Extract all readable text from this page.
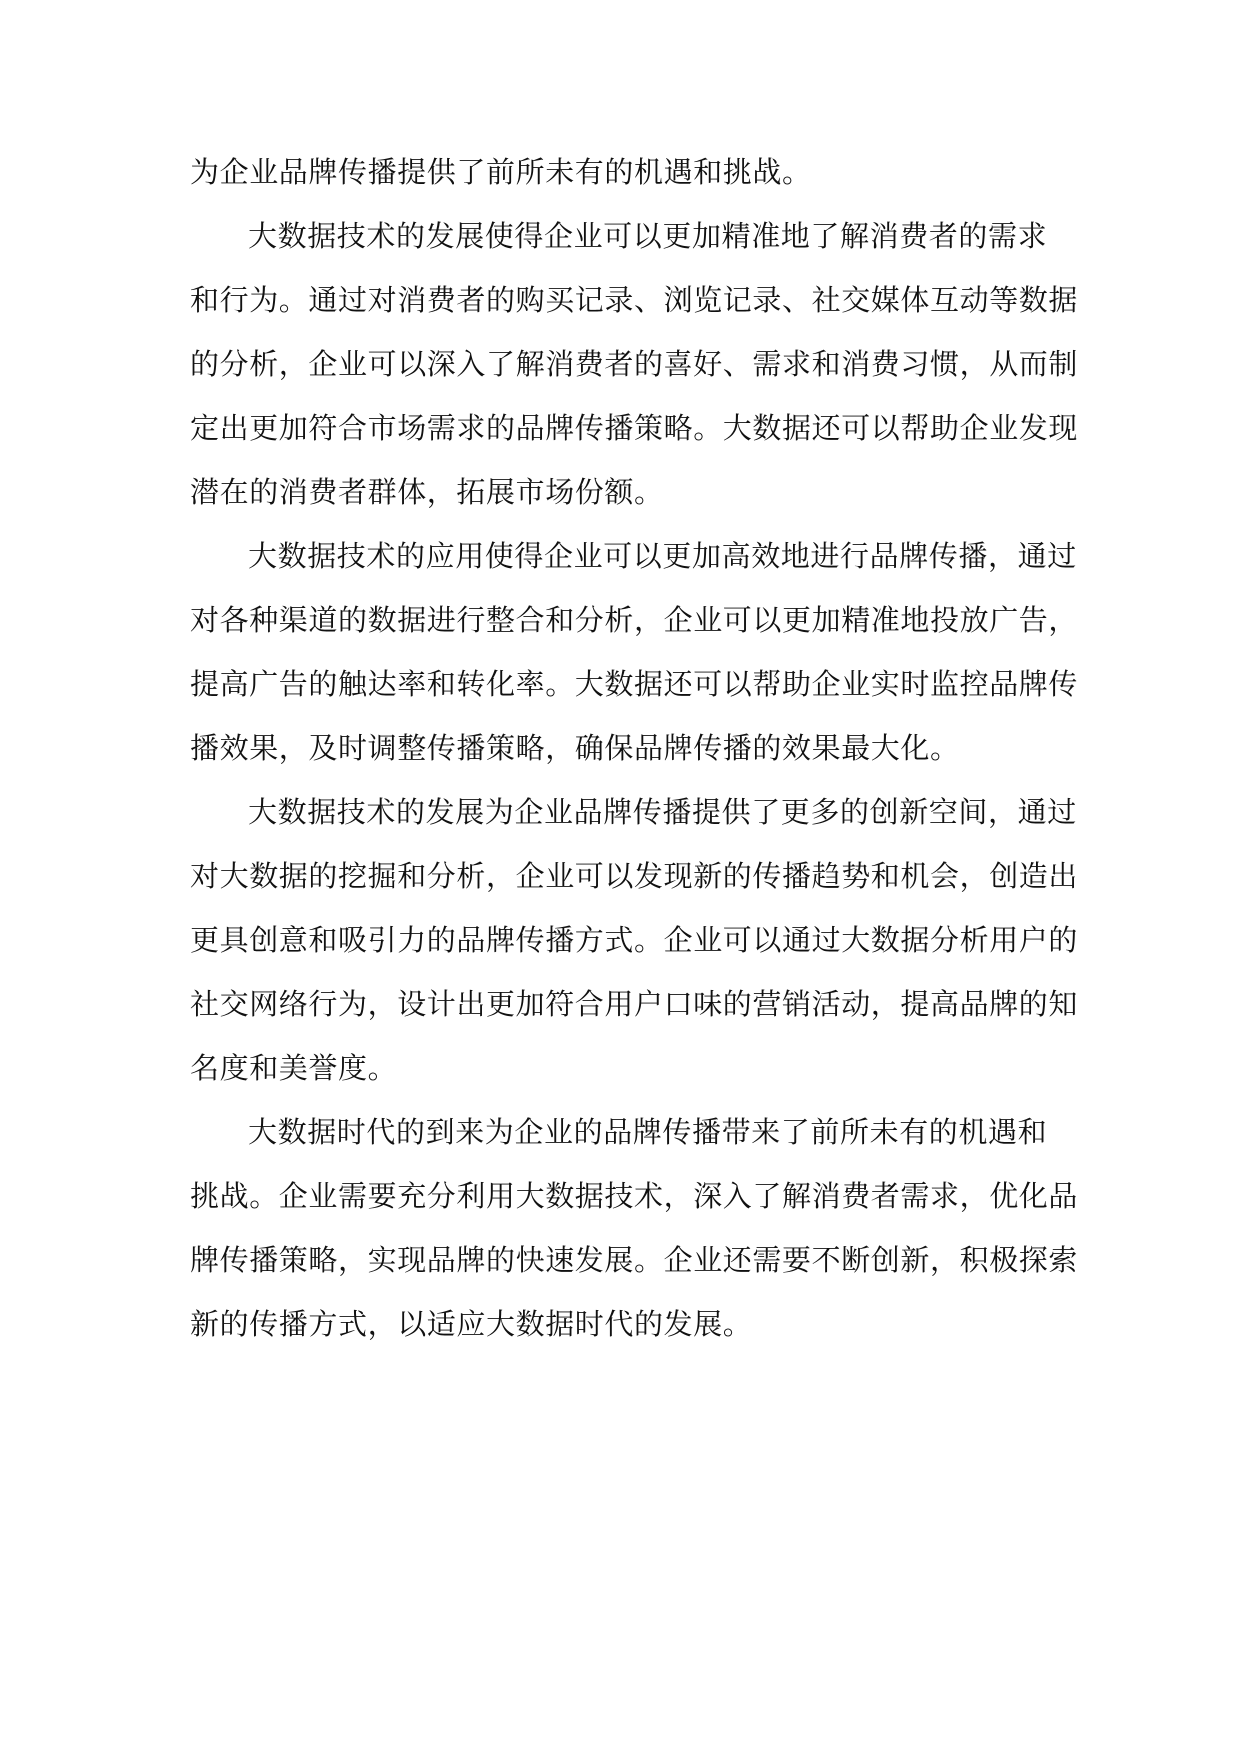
为企业品牌传播提供了前所未有的机遇和挑战。
大数据技术的发展使得企业可以更加精准地了解消费者的需求
和行为。通过对消费者的购买记录、浏览记录、社交媒体互动等数据
的分析，企业可以深入了解消费者的喜好、需求和消费习惯，从而制
定出更加符合市场需求的品牌传播策略。大数据还可以帮助企业发现
潜在的消费者群体，拓展市场份额。
大数据技术的应用使得企业可以更加高效地进行品牌传播，通过
对各种渠道的数据进行整合和分析，企业可以更加精准地投放广告，
提高广告的触达率和转化率。大数据还可以帮助企业实时监控品牌传
播效果，及时调整传播策略，确保品牌传播的效果最大化。
大数据技术的发展为企业品牌传播提供了更多的创新空间，通过
对大数据的挖掘和分析，企业可以发现新的传播趋势和机会，创造出
更具创意和吸引力的品牌传播方式。企业可以通过大数据分析用户的
社交网络行为，设计出更加符合用户口味的营销活动，提高品牌的知
名度和美誉度。
大数据时代的到来为企业的品牌传播带来了前所未有的机遇和
挑战。企业需要充分利用大数据技术，深入了解消费者需求，优化品
牌传播策略，实现品牌的快速发展。企业还需要不断创新，积极探索
新的传播方式，以适应大数据时代的发展。
